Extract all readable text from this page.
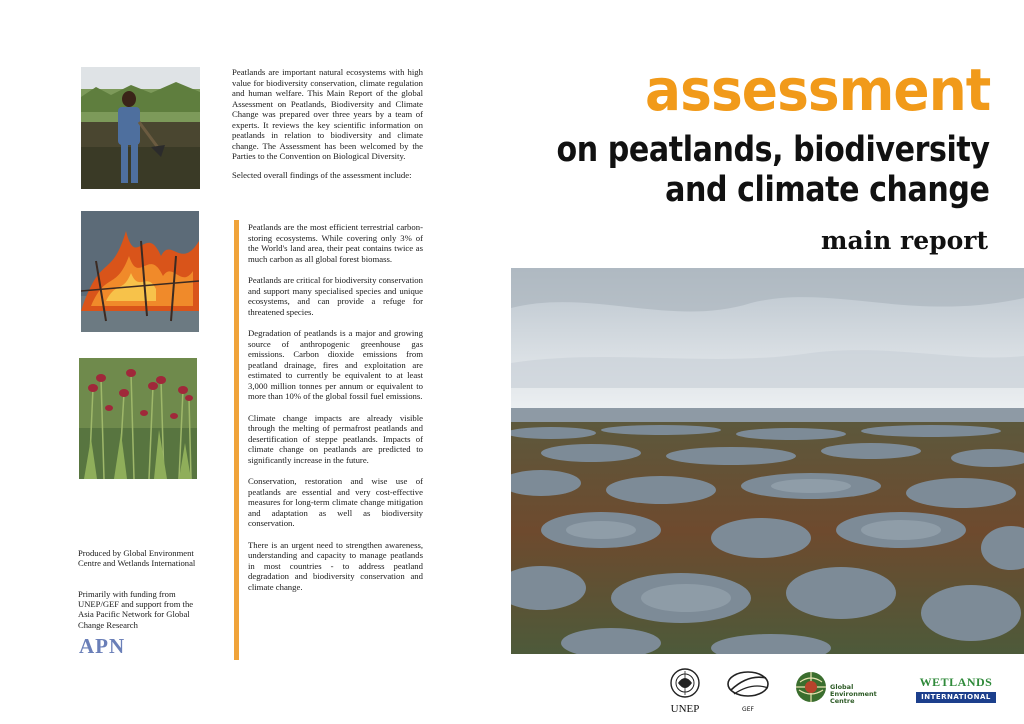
Produced by Global Environment Centre and Wetlands International
Primarily with funding from UNEP/GEF and support from the Asia Pacific Network for Global Change Research
APN

Peatlands are important natural ecosystems with high value for biodiversity conservation, climate regulation and human welfare. This Main Report of the global Assessment on Peatlands, Biodiversity and Climate Change was prepared over three years by a team of experts. It reviews the key scientific information on peatlands in relation to biodiversity and climate change. The Assessment has been welcomed by the Parties to the Convention on Biological Diversity.

Selected overall findings of the assessment include:

Peatlands are the most efficient terrestrial carbon-storing ecosystems. While covering only 3% of the World's land area, their peat contains twice as much carbon as all global forest biomass.

Peatlands are critical for biodiversity conservation and support many specialised species and unique ecosystems, and can provide a refuge for threatened species.

Degradation of peatlands is a major and growing source of anthropogenic greenhouse gas emissions. Carbon dioxide emissions from peatland drainage, fires and exploitation are estimated to currently be equivalent to at least 3,000 million tonnes per annum or equivalent to more than 10% of the global fossil fuel emissions.

Climate change impacts are already visible through the melting of permafrost peatlands and desertification of steppe peatlands. Impacts of climate change on peatlands are predicted to significantly increase in the future.

Conservation, restoration and wise use of peatlands are essential and very cost-effective measures for long-term climate change mitigation and adaptation as well as biodiversity conservation.

There is an urgent need to strengthen awareness, understanding and capacity to manage peatlands in most countries - to address peatland degradation and biodiversity conservation and climate change.

assessment
on peatlands, biodiversity
and climate change
main report
UNEP	GEF
Global Environment Centre
WETLANDS
INTERNATIONAL
